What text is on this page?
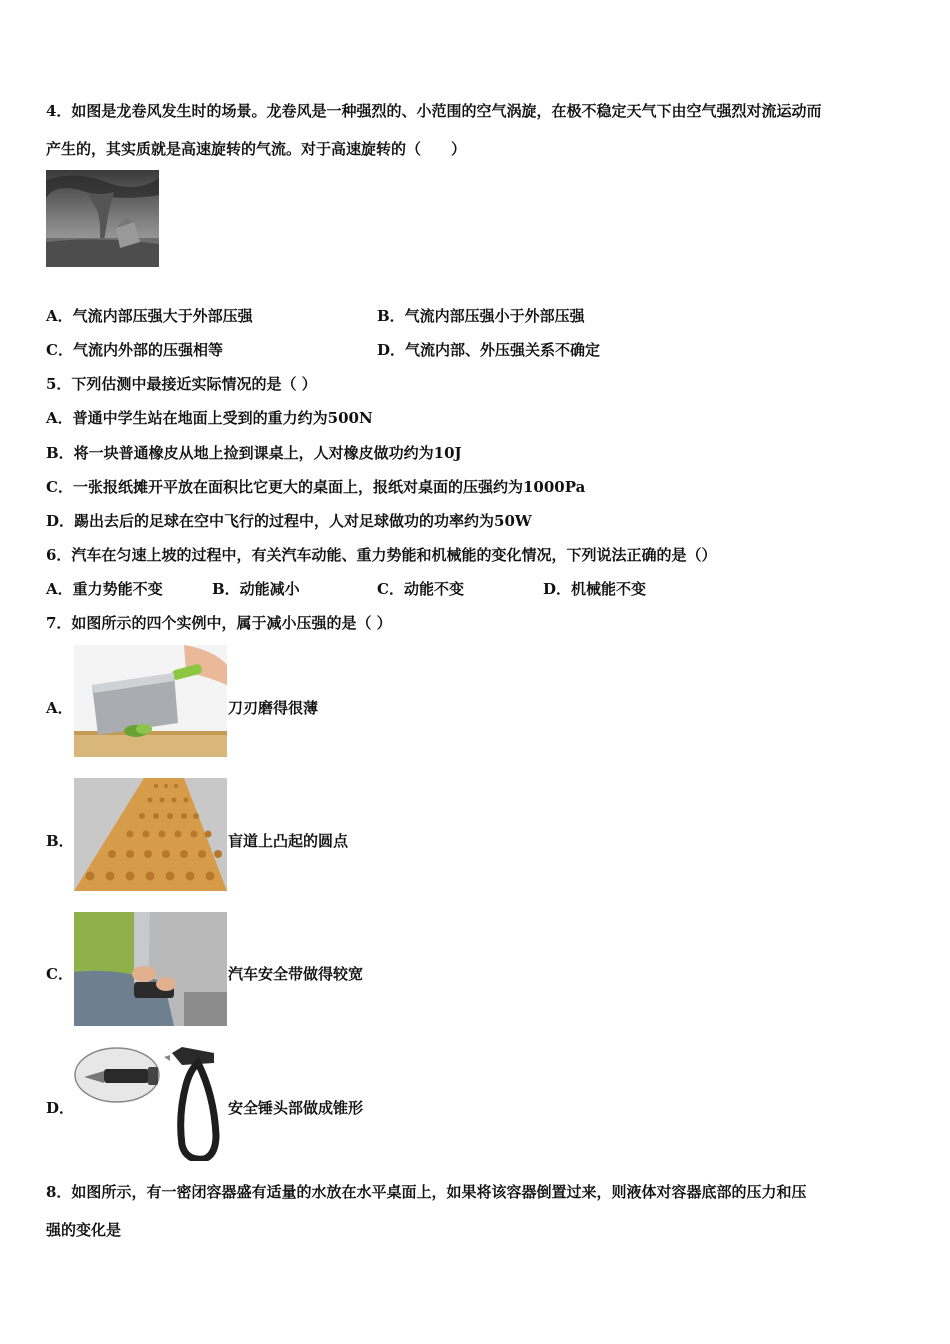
4．如图是龙卷风发生时的场景。龙卷风是一种强烈的、小范围的空气涡旋，在极不稳定天气下由空气强烈对流运动而
产生的，其实质就是高速旋转的气流。对于高速旋转的（　　）
A．气流内部压强大于外部压强	B．气流内部压强小于外部压强
C．气流内外部的压强相等	D．气流内部、外压强关系不确定
5．下列估测中最接近实际情况的是（ ）
A．普通中学生站在地面上受到的重力约为500N
B．将一块普通橡皮从地上捡到课桌上，人对橡皮做功约为10J
C．一张报纸摊开平放在面积比它更大的桌面上，报纸对桌面的压强约为1000Pa
D．踢出去后的足球在空中飞行的过程中，人对足球做功的功率约为50W
6．汽车在匀速上坡的过程中，有关汽车动能、重力势能和机械能的变化情况，下列说法正确的是（）
A．重力势能不变	B．动能减小	C．动能不变	D．机械能不变
7．如图所示的四个实例中，属于减小压强的是（ ）
A．	刀刃磨得很薄
B．	盲道上凸起的圆点
C．	汽车安全带做得较宽
D．	安全锤头部做成锥形
8．如图所示，有一密闭容器盛有适量的水放在水平桌面上，如果将该容器倒置过来，则液体对容器底部的压力和压
强的变化是
